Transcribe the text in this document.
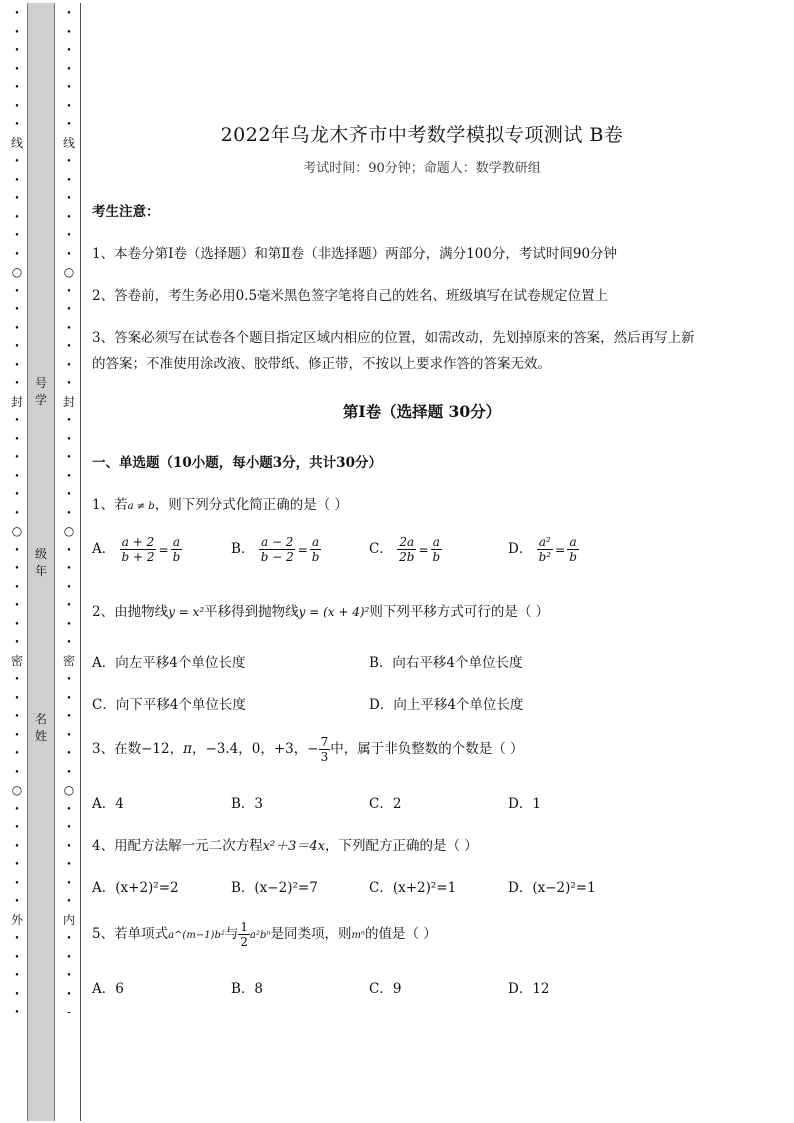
•
•
•
•
•
•
•
线
•
•
•
•
•
•
○
•
•
•
•
•
•
封
•
•
•
•
•
•
○
•
•
•
•
•
•
密
•
•
•
•
•
•
○
•
•
•
•
•
•
外
•
•
•
•
•
号
学
级
年
名
姓
•
•
•
•
•
•
•
线
•
•
•
•
•
•
○
•
•
•
•
•
•
封
•
•
•
•
•
•
○
•
•
•
•
•
•
密
•
•
•
•
•
•
○
•
•
•
•
•
•
内
•
•
•
•
-
2022年乌龙木齐市中考数学模拟专项测试 B卷
考试时间：90分钟；命题人：数学教研组
考生注意：
1、本卷分第I卷（选择题）和第Ⅱ卷（非选择题）两部分，满分100分，考试时间90分钟
2、答卷前，考生务必用0.5毫米黑色签字笔将自己的姓名、班级填写在试卷规定位置上
3、答案必须写在试卷各个题目指定区域内相应的位置，如需改动，先划掉原来的答案，然后再写上新
的答案；不准使用涂改液、胶带纸、修正带，不按以上要求作答的答案无效。
第I卷（选择题 30分）
一、单选题（10小题，每小题3分，共计30分）
1、若a ≠ b，则下列分式化简正确的是（ ）
A． $\frac{a + 2}{b + 2} = \frac{a}{b}$	B． $\frac{a - 2}{b - 2} = \frac{a}{b}$	C． $\frac{2a}{2b} = \frac{a}{b}$	D． $\frac{\text{a²}}{\text{b²}} = \frac{a}{b}$
2、由抛物线y = x²平移得到抛物线y = (x + 4)²则下列平移方式可行的是（ ）
A．向左平移4个单位长度	B．向右平移4个单位长度
C．向下平移4个单位长度	D．向上平移4个单位长度
3、在数−12，π，−3.4，0，+3，− $\frac{7}{3}$ 中，属于非负整数的个数是（ ）
A．4	B．3	C．2	D．1
4、用配方法解一元二次方程x²＋3＝4x，下列配方正确的是（ ）
A．(x+2)²=2	B．(x−2)²=7	C．(x+2)²=1	D．(x−2)²=1
5、若单项式a^(m−1)b²与 $\frac{1}{2} a^2b^n$是同类项，则mⁿ的值是（ ）
A．6	B．8	C．9	D．12
